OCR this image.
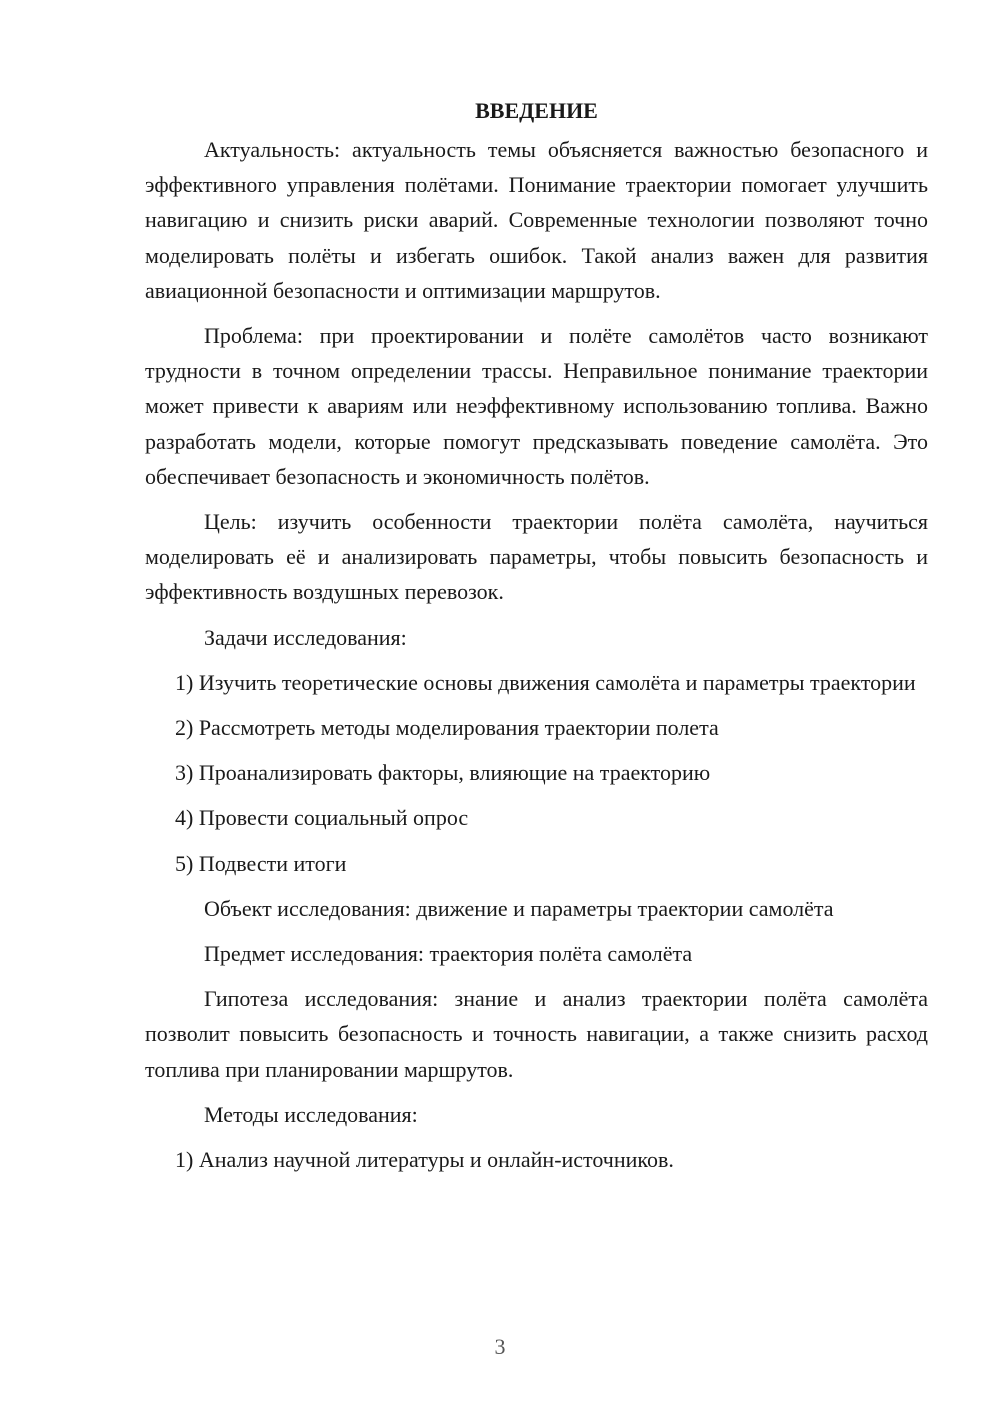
ВВЕДЕНИЕ

Актуальность: актуальность темы объясняется важностью безопасного и эффективного управления полётами. Понимание траектории помогает улучшить навигацию и снизить риски аварий. Современные технологии позволяют точно моделировать полёты и избегать ошибок. Такой анализ важен для развития авиационной безопасности и оптимизации маршрутов.

Проблема: при проектировании и полёте самолётов часто возникают трудности в точном определении трассы. Неправильное понимание траектории может привести к авариям или неэффективному использованию топлива. Важно разработать модели, которые помогут предсказывать поведение самолёта. Это обеспечивает безопасность и экономичность полётов.

Цель: изучить особенности траектории полёта самолёта, научиться моделировать её и анализировать параметры, чтобы повысить безопасность и эффективность воздушных перевозок.

Задачи исследования:

1) Изучить теоретические основы движения самолёта и параметры траектории

2) Рассмотреть методы моделирования траектории полета

3) Проанализировать факторы, влияющие на траекторию

4) Провести социальный опрос

5) Подвести итоги

Объект исследования: движение и параметры траектории самолёта

Предмет исследования: траектория полёта самолёта

Гипотеза исследования: знание и анализ траектории полёта самолёта позволит повысить безопасность и точность навигации, а также снизить расход топлива при планировании маршрутов.

Методы исследования:

1) Анализ научной литературы и онлайн-источников.

3
